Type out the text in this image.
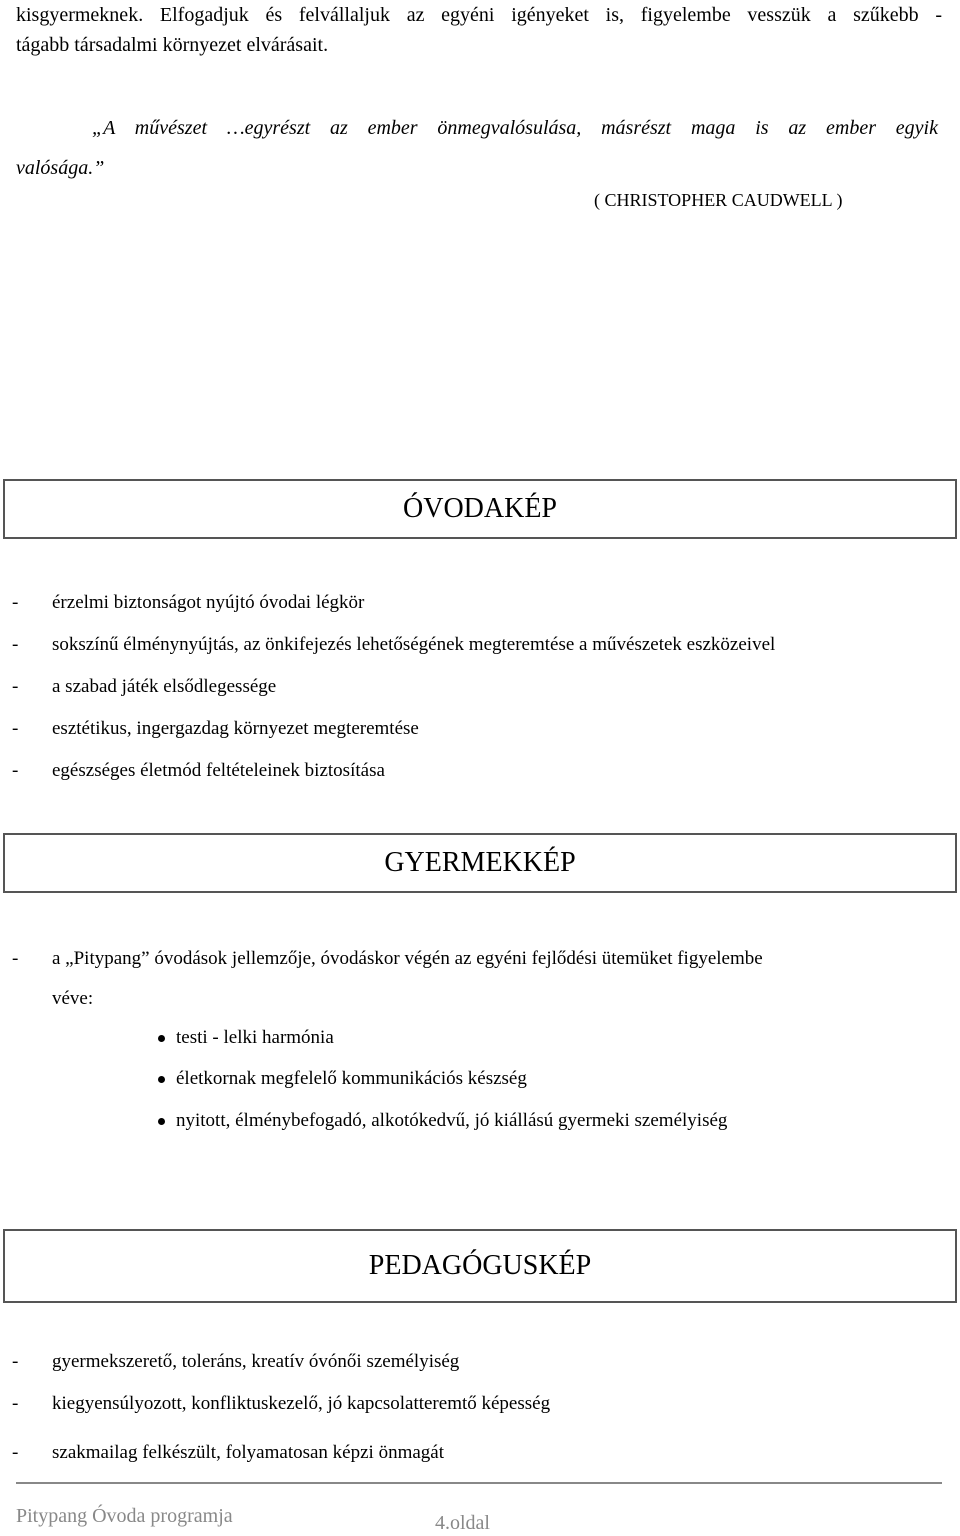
kisgyermeknek. Elfogadjuk és felvállaljuk az egyéni igényeket is, figyelembe vesszük a szűkebb -
tágabb társadalmi környezet elvárásait.
„A művészet …egyrészt az ember önmegvalósulása, másrészt maga is az ember egyik
valósága.”
( CHRISTOPHER CAUDWELL )
ÓVODAKÉP
-	érzelmi biztonságot nyújtó óvodai légkör
-	sokszínű élménynyújtás, az önkifejezés lehetőségének megteremtése a művészetek eszközeivel
-	a szabad játék elsődlegessége
-	esztétikus, ingergazdag környezet megteremtése
-	egészséges életmód feltételeinek biztosítása
GYERMEKKÉP
-	a „Pitypang” óvodások jellemzője, óvodáskor végén az egyéni fejlődési ütemüket figyelembe
véve:
testi - lelki harmónia
életkornak megfelelő kommunikációs készség
nyitott, élménybefogadó, alkotókedvű, jó kiállású gyermeki személyiség
PEDAGÓGUSKÉP
-	gyermekszerető, toleráns, kreatív óvónői személyiség
-	kiegyensúlyozott, konfliktuskezelő, jó kapcsolatteremtő képesség
-	szakmailag felkészült, folyamatosan képzi önmagát
Pitypang Óvoda programja	4.oldal
